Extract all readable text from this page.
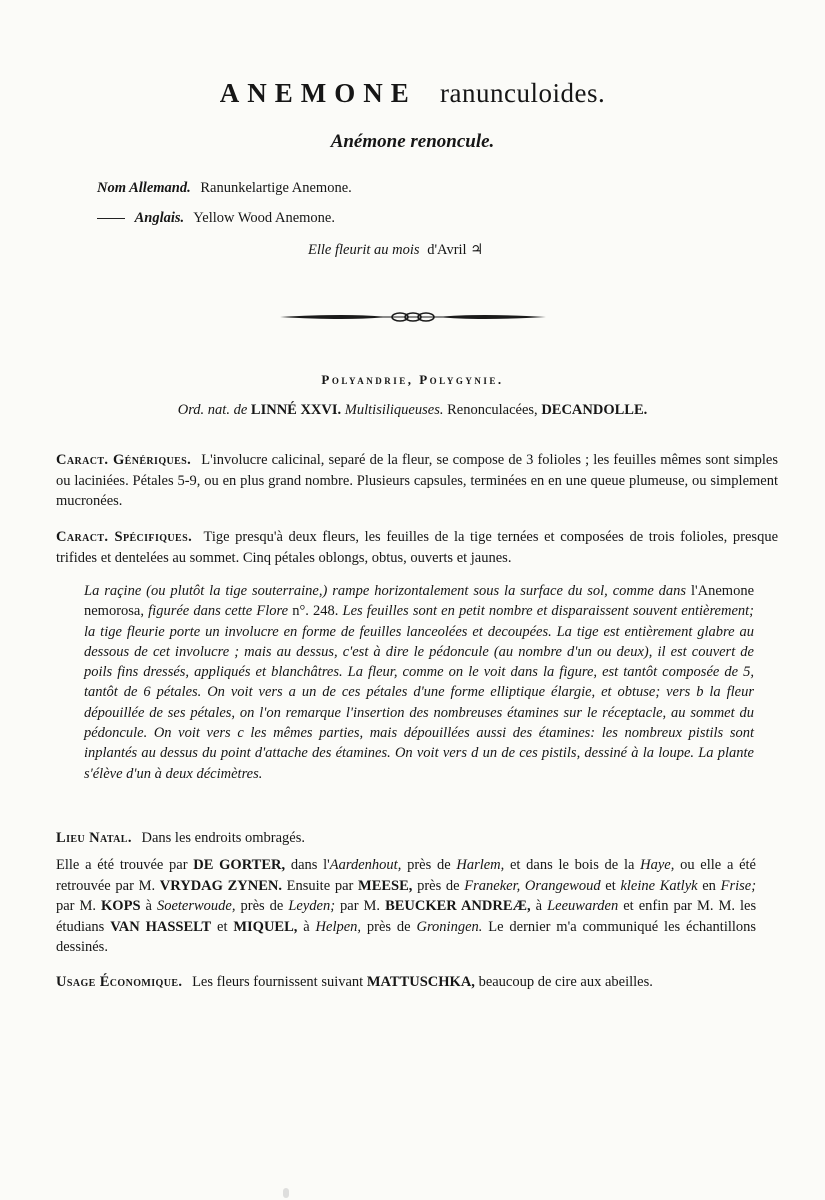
ANEMONE ranunculoides.
Anémone renoncule.
Nom Allemand. Ranunkelartige Anemone.
Anglais. Yellow Wood Anemone.
Elle fleurit au mois d'Avril ♃
Polyandrie, Polygynie.
Ord. nat. de LINNÉ XXVI. Multisiliqueuses. Renonculacées, DECANDOLLE.
Caract. Génériques. L'involucre calicinal, separé de la fleur, se compose de 3 folioles ; les feuilles mêmes sont simples ou laciniées. Pétales 5-9, ou en plus grand nombre. Plusieurs capsules, terminées en en une queue plumeuse, ou simplement mucronées.
Caract. Spécifiques. Tige presqu'à deux fleurs, les feuilles de la tige ternées et composées de trois folioles, presque trifides et dentelées au sommet. Cinq pétales oblongs, obtus, ouverts et jaunes.
La raçine (ou plutôt la tige souterraine,) rampe horizontalement sous la surface du sol, comme dans l'Anemone nemorosa, figurée dans cette Flore n°. 248. Les feuilles sont en petit nombre et disparaissent souvent entièrement; la tige fleurie porte un involucre en forme de feuilles lanceolées et decoupées. La tige est entièrement glabre au dessous de cet involucre ; mais au dessus, c'est à dire le pédoncule (au nombre d'un ou deux), il est couvert de poils fins dressés, appliqués et blanchâtres. La fleur, comme on le voit dans la figure, est tantôt composée de 5, tantôt de 6 pétales. On voit vers a un de ces pétales d'une forme elliptique élargie, et obtuse; vers b la fleur dépouillée de ses pétales, on l'on remarque l'insertion des nombreuses étamines sur le réceptacle, au sommet du pédoncule. On voit vers c les mêmes parties, mais dépouillées aussi des étamines: les nombreux pistils sont inplantés au dessus du point d'attache des étamines. On voit vers d un de ces pistils, dessiné à la loupe. La plante s'élève d'un à deux décimètres.
Lieu Natal. Dans les endroits ombragés.
Elle a été trouvée par DE GORTER, dans l'Aardenhout, près de Harlem, et dans le bois de la Haye, ou elle a été retrouvée par M. VRYDAG ZYNEN. Ensuite par MEESE, près de Franeker, Orangewoud et kleine Katlyk en Frise; par M. KOPS à Soeterwoude, près de Leyden; par M. BEUCKER ANDREÆ, à Leeuwarden et enfin par M. M. les étudians VAN HASSELT et MIQUEL, à Helpen, près de Groningen. Le dernier m'a communiqué les échantillons dessinés.
Usage Économique. Les fleurs fournissent suivant MATTUSCHKA, beaucoup de cire aux abeilles.
